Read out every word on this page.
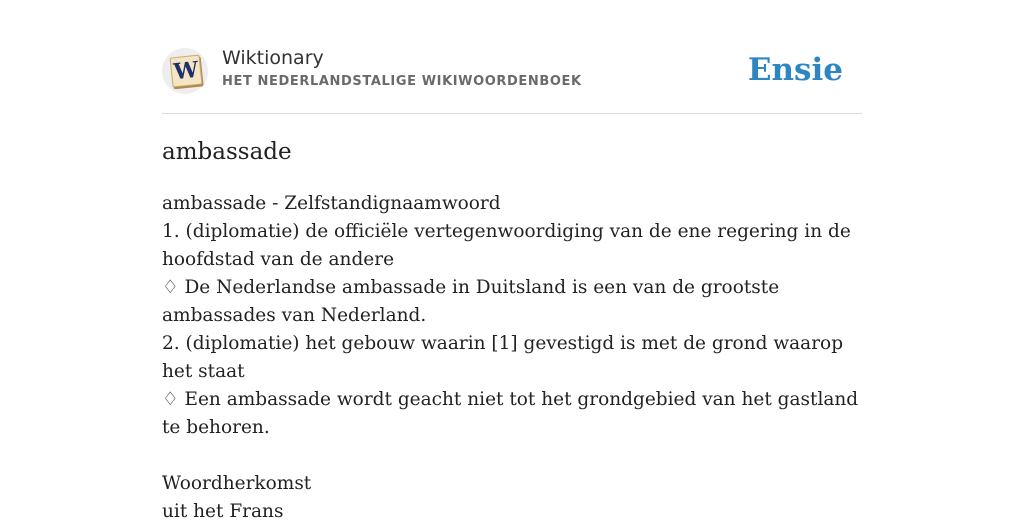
W Wiktionary
HET NEDERLANDSTALIGE WIKIWOORDENBOEK	Ensie
ambassade
ambassade - Zelfstandignaamwoord
1. (diplomatie) de officiële vertegenwoordiging van de ene regering in de hoofdstad van de andere
♢ De Nederlandse ambassade in Duitsland is een van de grootste ambassades van Nederland.
2. (diplomatie) het gebouw waarin [1] gevestigd is met de grond waarop het staat
♢ Een ambassade wordt geacht niet tot het grondgebied van het gastland te behoren.
Woordherkomst
uit het Frans
